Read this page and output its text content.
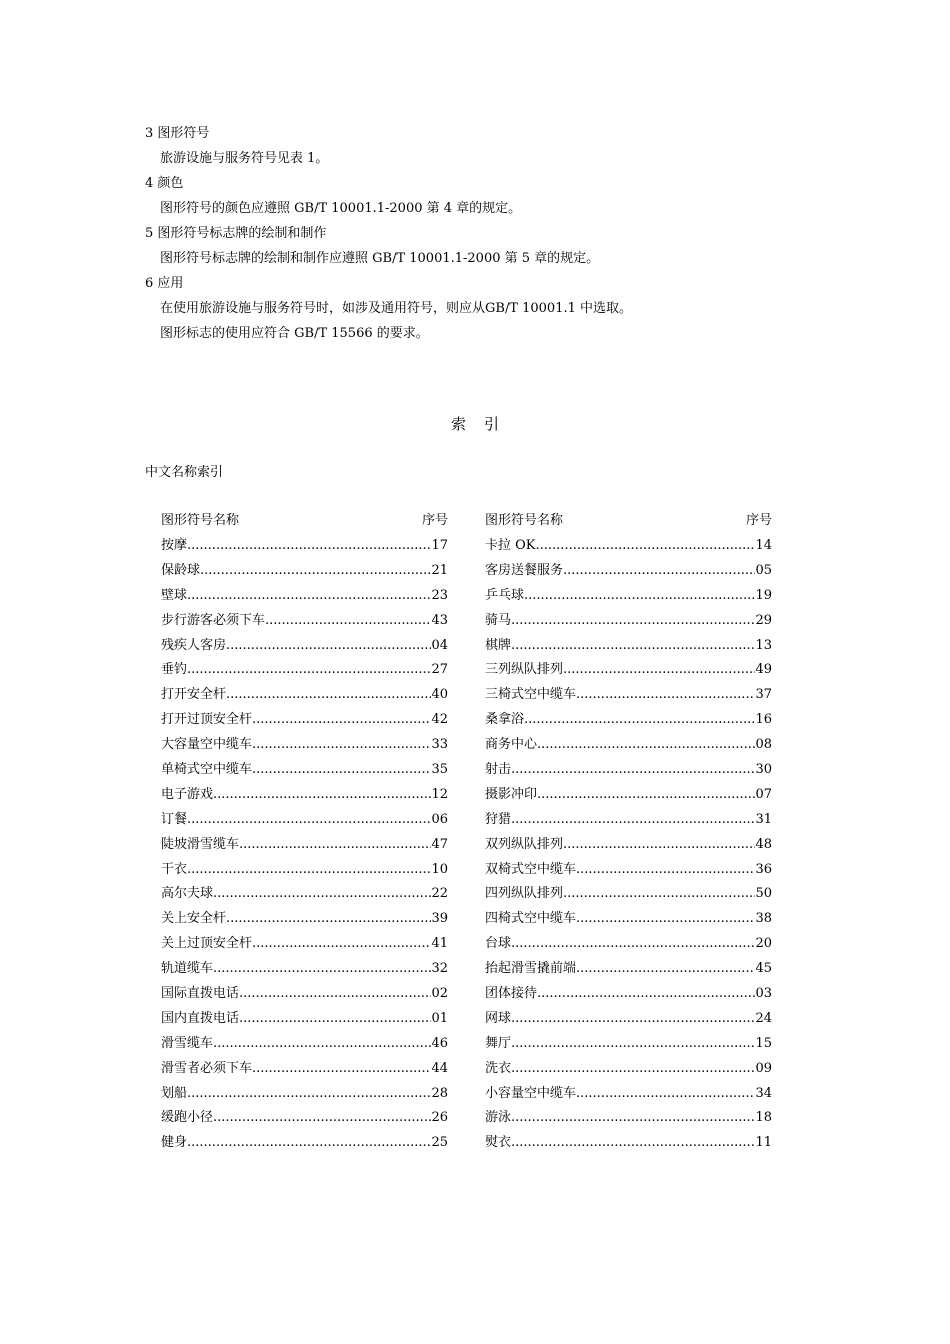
3 图形符号
旅游设施与服务符号见表 1。
4 颜色
图形符号的颜色应遵照 GB/T 10001.1-2000 第 4 章的规定。
5 图形符号标志牌的绘制和制作
图形符号标志牌的绘制和制作应遵照 GB/T 10001.1-2000 第 5 章的规定。
6 应用
在使用旅游设施与服务符号时，如涉及通用符号，则应从GB/T 10001.1 中选取。
图形标志的使用应符合 GB/T 15566 的要求。
索引
中文名称索引
图形符号名称	序号
按摩 .....	17
保龄球 .....	21
壁球 .....	23
步行游客必须下车 .....	43
残疾人客房 .....	04
垂钓 .....	27
打开安全杆 .....	40
打开过顶安全杆 .....	42
大容量空中缆车 .....	33
单椅式空中缆车 .....	35
电子游戏 .....	12
订餐 .....	06
陡坡滑雪缆车 .....	47
干衣 .....	10
高尔夫球 .....	22
关上安全杆 .....	39
关上过顶安全杆 .....	41
轨道缆车 .....	32
国际直拨电话 .....	02
国内直拨电话 .....	01
滑雪缆车 .....	46
滑雪者必须下车 .....	44
划船 .....	28
缓跑小径 .....	26
健身 .....	25
图形符号名称	序号
卡拉 OK .....	14
客房送餐服务 .....	05
乒乓球 .....	19
骑马 .....	29
棋牌 .....	13
三列纵队排列 .....	49
三椅式空中缆车 .....	37
桑拿浴 .....	16
商务中心 .....	08
射击 .....	30
摄影冲印 .....	07
狩猎 .....	31
双列纵队排列 .....	48
双椅式空中缆车 .....	36
四列纵队排列 .....	50
四椅式空中缆车 .....	38
台球 .....	20
抬起滑雪撬前端 .....	45
团体接待 .....	03
网球 .....	24
舞厅 .....	15
洗衣 .....	09
小容量空中缆车 .....	34
游泳 .....	18
熨衣 .....	11
